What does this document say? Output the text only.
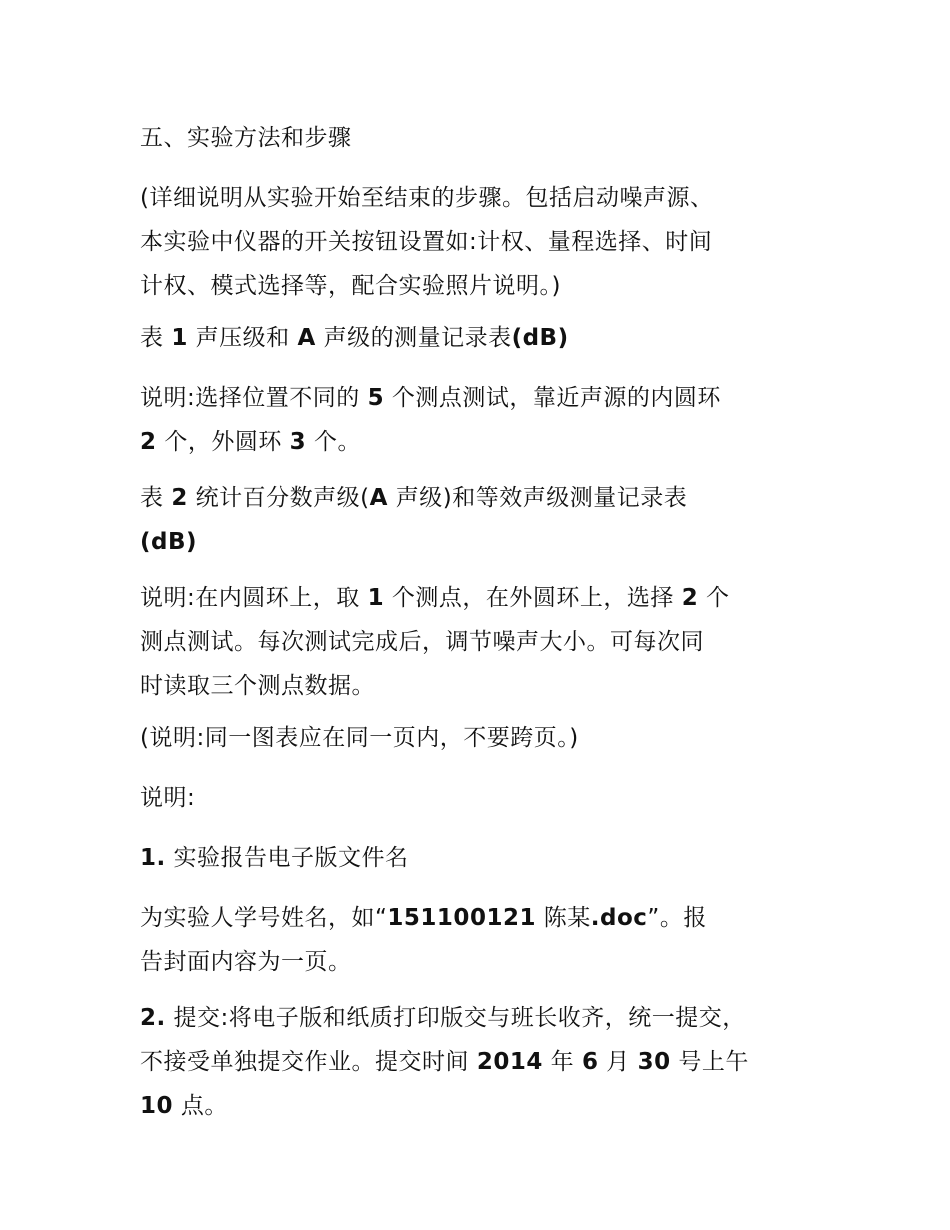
五、实验方法和步骤

(详细说明从实验开始至结束的步骤。包括启动噪声源、
本实验中仪器的开关按钮设置如:计权、量程选择、时间
计权、模式选择等，配合实验照片说明。)

表 1 声压级和 A 声级的测量记录表(dB)

说明:选择位置不同的 5 个测点测试，靠近声源的内圆环
2 个，外圆环 3 个。

表 2 统计百分数声级(A 声级)和等效声级测量记录表
(dB)

说明:在内圆环上，取 1 个测点，在外圆环上，选择 2 个
测点测试。每次测试完成后，调节噪声大小。可每次同
时读取三个测点数据。

(说明:同一图表应在同一页内，不要跨页。)

说明:

1. 实验报告电子版文件名

为实验人学号姓名，如“151100121 陈某.doc”。报
告封面内容为一页。

2. 提交:将电子版和纸质打印版交与班长收齐，统一提交，
不接受单独提交作业。提交时间 2014 年 6 月 30 号上午
10 点。
